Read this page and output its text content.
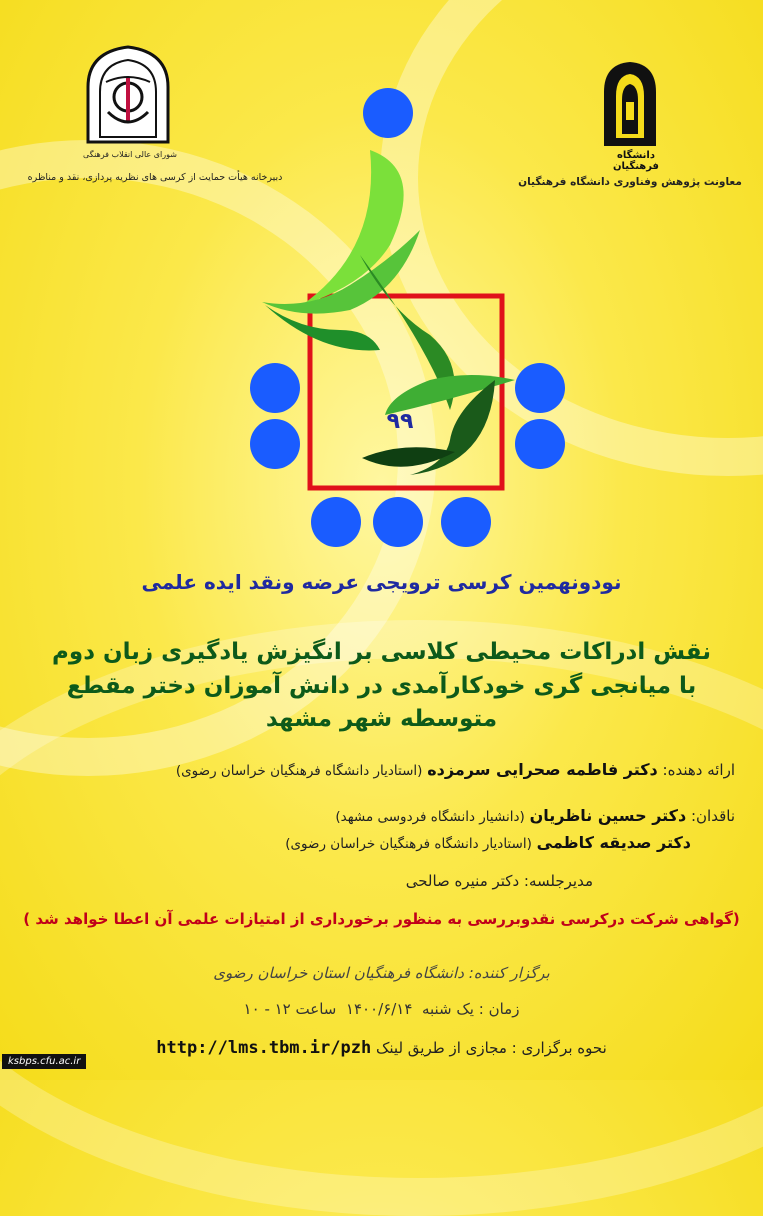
شورای عالی انقلاب فرهنگی
دبیرخانه هیأت حمایت از کرسی های نظریه پردازی، نقد و مناظره
دانشگاه فرهنگیان
معاونت پژوهش وفناوری دانشگاه فرهنگیان
۹۹
نودونهمین کرسی ترویجی عرضه ونقد ایده علمی
نقش ادراکات محیطی کلاسی بر انگیزش یادگیری زبان دوم
با میانجی گری خودکارآمدی در دانش آموزان دختر مقطع
متوسطه شهر مشهد
ارائه دهنده: دکتر فاطمه صحرایی سرمزده (استادیار دانشگاه فرهنگیان خراسان رضوی)
ناقدان: دکتر حسین ناظریان (دانشیار دانشگاه فردوسی مشهد)
دکتر صدیقه کاظمی (استادیار دانشگاه فرهنگیان خراسان رضوی)
مدیرجلسه: دکتر منیره صالحی
(گواهی شرکت درکرسی نقدوبررسی به منظور برخورداری از امتیازات علمی آن اعطا خواهد شد )
برگزار کننده: دانشگاه فرهنگیان استان خراسان رضوی
زمان : یک شنبه  ۱۴۰۰/۶/۱۴  ساعت ۱۲ - ۱۰
نحوه برگزاری : مجازی از طریق لینک http://lms.tbm.ir/pzh
ksbps.cfu.ac.ir
